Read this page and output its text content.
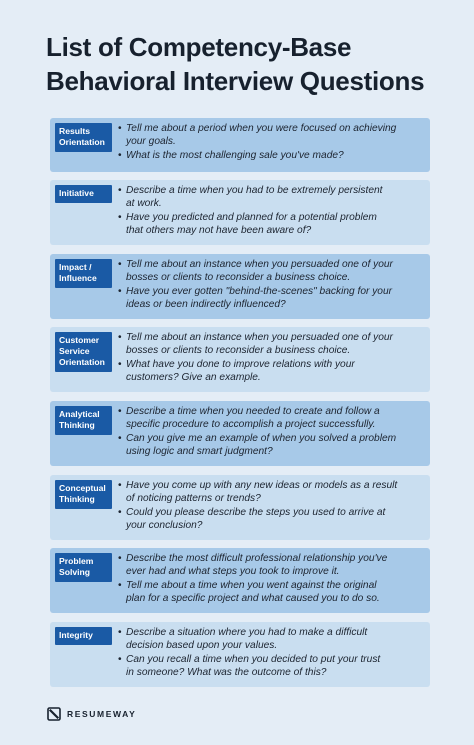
List of Competency-Base
Behavioral Interview Questions
Results
Orientation
• Tell me about a period when you were focused on achieving
your goals.
• What is the most challenging sale you've made?
Initiative	• Describe a time when you had to be extremely persistent
at work.
• Have you predicted and planned for a potential problem
that others may not have been aware of?
Impact /
Influence
• Tell me about an instance when you persuaded one of your
bosses or clients to reconsider a business choice.
• Have you ever gotten "behind-the-scenes" backing for your
ideas or been indirectly influenced?
Customer
Service
Orientation
• Tell me about an instance when you persuaded one of your
bosses or clients to reconsider a business choice.
• What have you done to improve relations with your
customers? Give an example.
Analytical
Thinking
• Describe a time when you needed to create and follow a
specific procedure to accomplish a project successfully.
• Can you give me an example of when you solved a problem
using logic and smart judgment?
Conceptual
Thinking
• Have you come up with any new ideas or models as a result
of noticing patterns or trends?
• Could you please describe the steps you used to arrive at
your conclusion?
Problem
Solving
• Describe the most difficult professional relationship you've
ever had and what steps you took to improve it.
• Tell me about a time when you went against the original
plan for a specific project and what caused you to do so.
Integrity	• Describe a situation where you had to make a difficult
decision based upon your values.
• Can you recall a time when you decided to put your trust
in someone? What was the outcome of this?
RESUMEWAY
